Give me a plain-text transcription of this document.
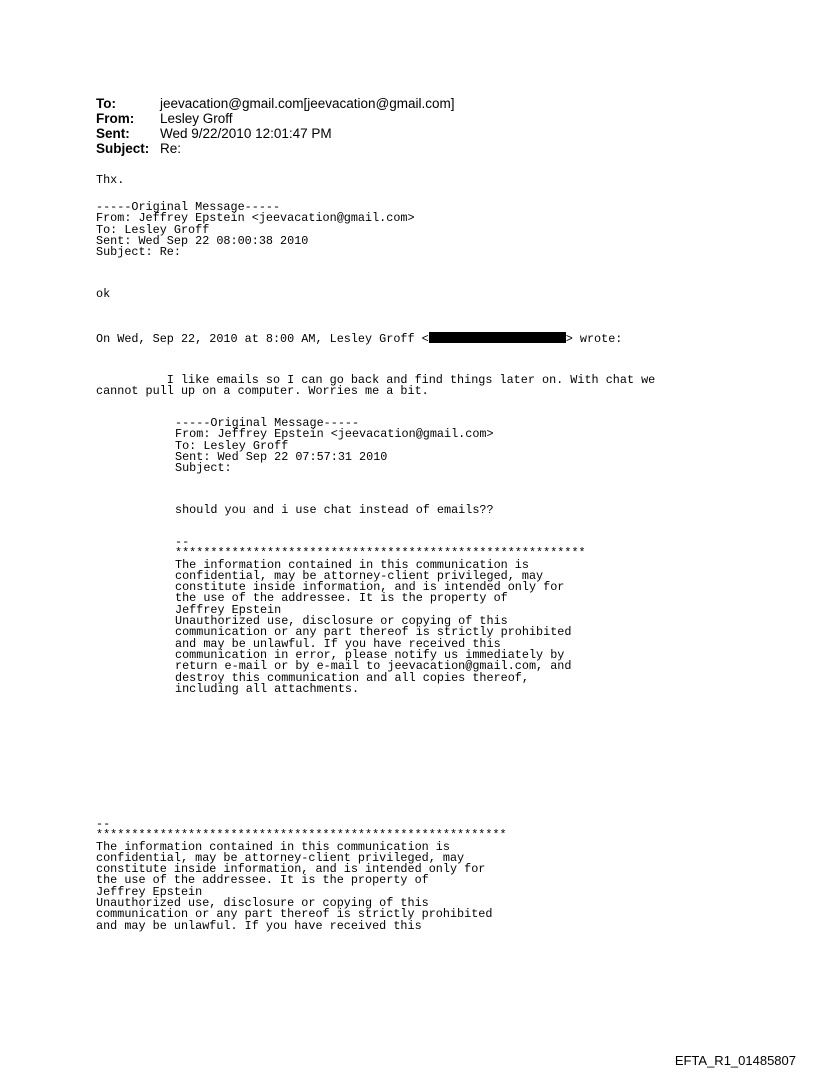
To:	jeevacation@gmail.com[jeevacation@gmail.com]
From:	Lesley Groff
Sent:	Wed 9/22/2010 12:01:47 PM
Subject: Re:
Thx.
-----Original Message-----
From: Jeffrey Epstein <jeevacation@gmail.com>
To: Lesley Groff
Sent: Wed Sep 22 08:00:38 2010
Subject: Re:
ok
On Wed, Sep 22, 2010 at 8:00 AM, Lesley Groff <	> wrote:
I like emails so I can go back and find things later on. With chat we
cannot pull up on a computer. Worries me a bit.
-----Original Message-----
From: Jeffrey Epstein <jeevacation@gmail.com>
To: Lesley Groff
Sent: Wed Sep 22 07:57:31 2010
Subject:
should you and i use chat instead of emails??
--
**********************************************************
The information contained in this communication is
confidential, may be attorney-client privileged, may
constitute inside information, and is intended only for
the use of the addressee. It is the property of
Jeffrey Epstein
Unauthorized use, disclosure or copying of this
communication or any part thereof is strictly prohibited
and may be unlawful. If you have received this
communication in error, please notify us immediately by
return e-mail or by e-mail to jeevacation@gmail.com, and
destroy this communication and all copies thereof,
including all attachments.
--
**********************************************************
The information contained in this communication is
confidential, may be attorney-client privileged, may
constitute inside information, and is intended only for
the use of the addressee. It is the property of
Jeffrey Epstein
Unauthorized use, disclosure or copying of this
communication or any part thereof is strictly prohibited
and may be unlawful. If you have received this
EFTA_R1_01485807
